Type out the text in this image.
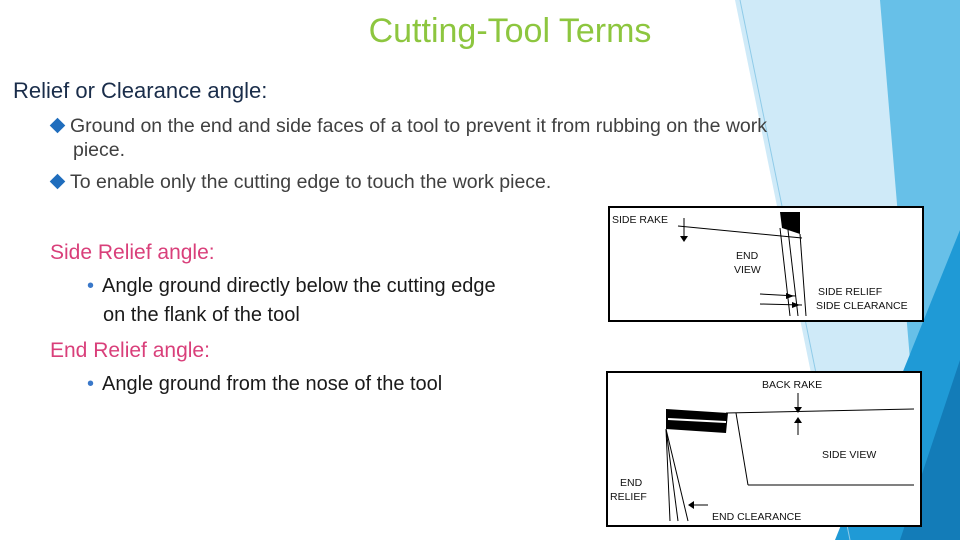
Cutting-Tool Terms
Relief or Clearance angle:
Ground on the end and side faces of a tool to prevent it from rubbing on the work
piece.
To enable only the cutting edge to touch the work piece.
Side Relief angle:
• Angle ground directly below the cutting edge
on the flank of the tool
End Relief angle:
• Angle ground from the nose of the tool
SIDE RAKE
END
VIEW
SIDE RELIEF
SIDE CLEARANCE
BACK RAKE
SIDE VIEW
END
RELIEF
END CLEARANCE
